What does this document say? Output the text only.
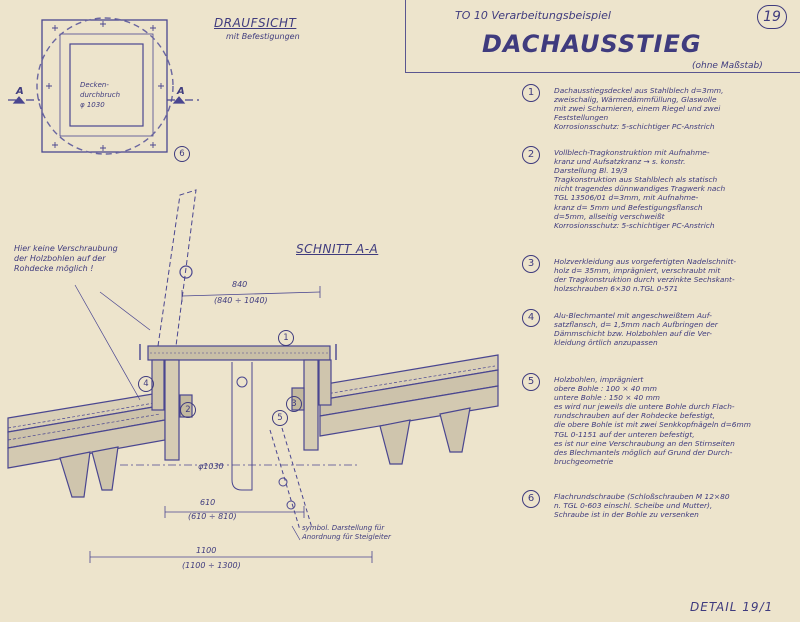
TO 10 Verarbeitungsbeispiel
DACHAUSSTIEG
(ohne Maßstab)
19
DRAUFSICHT
mit Befestigungen
Decken-
durchbruch
φ 1030
A	A
6
SCHNITT A-A
Hier keine Verschraubung
der Holzbohlen auf der
Rohdecke möglich !
840
(840 ÷ 1040)
φ1030
610
(610 ÷ 810)
1100
(1100 ÷ 1300)
symbol. Darstellung für
Anordnung für Steigleiter
1
2
3
4
5
1	Dachausstiegsdeckel aus Stahlblech d=3mm,
zweischalig, Wärmedämmfüllung, Glaswolle
mit zwei Scharnieren, einem Riegel und zwei
Feststellungen
Korrosionsschutz: 5-schichtiger PC-Anstrich
2	Vollblech-Tragkonstruktion mit Aufnahme-
kranz und Aufsatzkranz → s. konstr.
Darstellung Bl. 19/3
Tragkonstruktion aus Stahlblech als statisch
nicht tragendes dünnwandiges Tragwerk nach
TGL 13506/01 d=3mm, mit Aufnahme-
kranz d= 5mm und Befestigungsflansch
d=5mm, allseitig verschweißt
Korrosionsschutz: 5-schichtiger PC-Anstrich
3	Holzverkleidung aus vorgefertigten Nadelschnitt-
holz d= 35mm, imprägniert, verschraubt mit
der Tragkonstruktion durch verzinkte Sechskant-
holzschrauben 6×30 n.TGL 0-571
4	Alu-Blechmantel mit angeschweißtem Auf-
satzflansch, d= 1,5mm nach Aufbringen der
Dämmschicht bzw. Holzbohlen auf die Ver-
kleidung örtlich anzupassen
5	Holzbohlen, imprägniert
obere Bohle : 100 × 40 mm
untere Bohle : 150 × 40 mm
es wird nur jeweils die untere Bohle durch Flach-
rundschrauben auf der Rohdecke befestigt,
die obere Bohle ist mit zwei Senkkopfnägeln d=6mm
TGL 0-1151 auf der unteren befestigt,
es ist nur eine Verschraubung an den Stirnseiten
des Blechmantels möglich auf Grund der Durch-
bruchgeometrie
6	Flachrundschraube (Schloßschrauben M 12×80
n. TGL 0-603 einschl. Scheibe und Mutter),
Schraube ist in der Bohle zu versenken
DETAIL 19/1
